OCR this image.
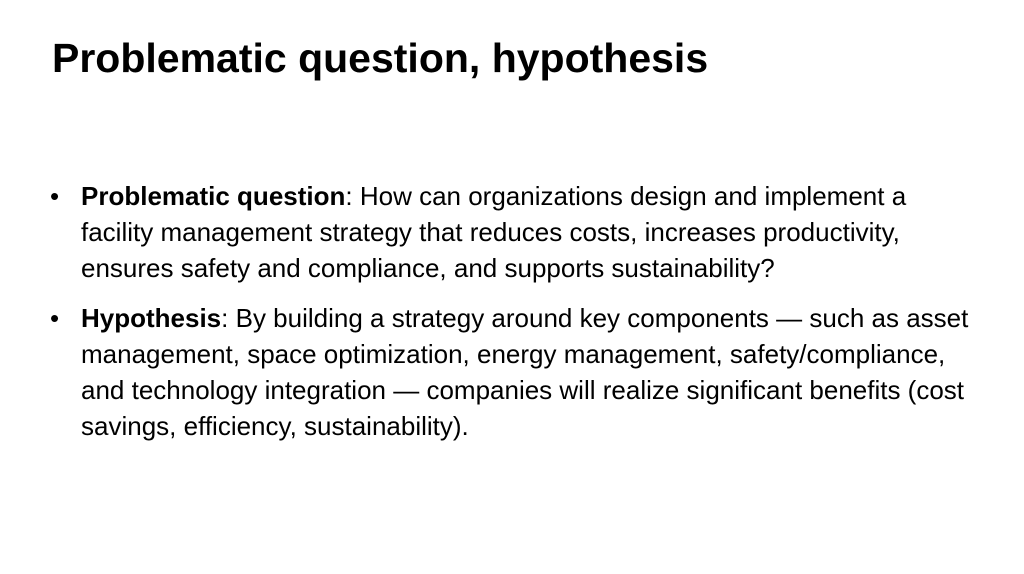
Problematic question, hypothesis
• Problematic question: How can organizations design and implement a facility management strategy that reduces costs, increases productivity, ensures safety and compliance, and supports sustainability?
• Hypothesis: By building a strategy around key components — such as asset management, space optimization, energy management, safety/compliance, and technology integration — companies will realize significant benefits (cost savings, efficiency, sustainability).
